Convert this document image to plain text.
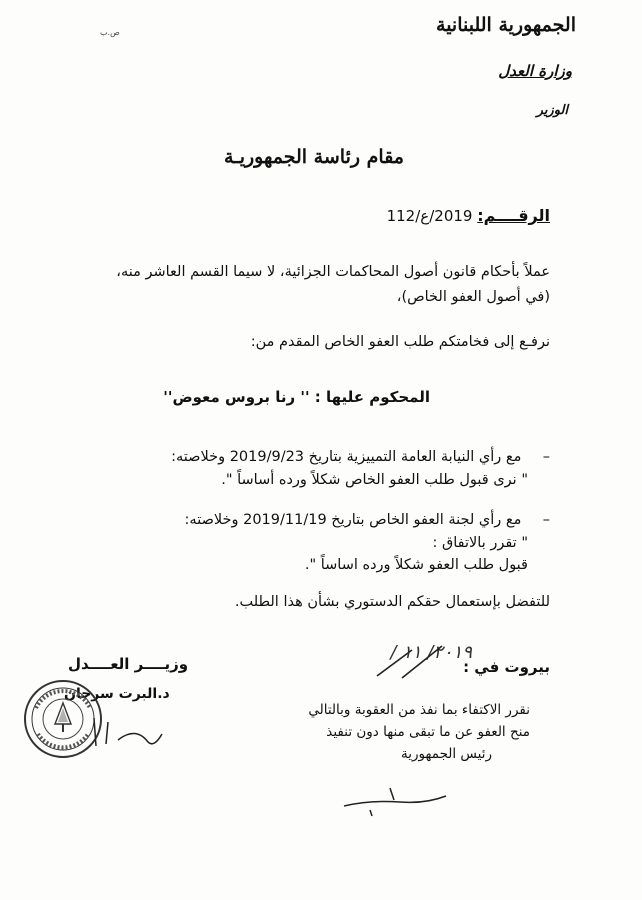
الجمهورية اللبنانية
وزارة العدل
الوزير
ص.ب
مقام رئاسة الجمهوريـة
الرقــــم: 2019/ع/112
عملاً بأحكام قانون أصول المحاكمات الجزائية، لا سيما القسم العاشر منه،
(في أصول العفو الخاص)،
نرفـع إلى فخامتكم طلب العفو الخاص المقدم من:
المحكوم عليها : '' رنا بروس معوض''
– مع رأي النيابة العامة التمييزية بتاريخ 2019/9/23 وخلاصته:
" نرى قبول طلب العفو الخاص شكلاً ورده أساساً ".
– مع رأي لجنة العفو الخاص بتاريخ 2019/11/19 وخلاصته:
" تقرر بالاتفاق :
قبول طلب العفو شكلاً ورده اساساً ".
للتفضل بإستعمال حقكم الدستوري بشأن هذا الطلب.
بيروت في :
٢٠١٩/ ١١ /
وزيــــر العــــدل
د.البرت سرحان
نقرر الاكتفاء بما نفذ من العقوبة وبالتالي
منح العفو عن ما تبقى منها دون تنفيذ
رئيس الجمهورية
